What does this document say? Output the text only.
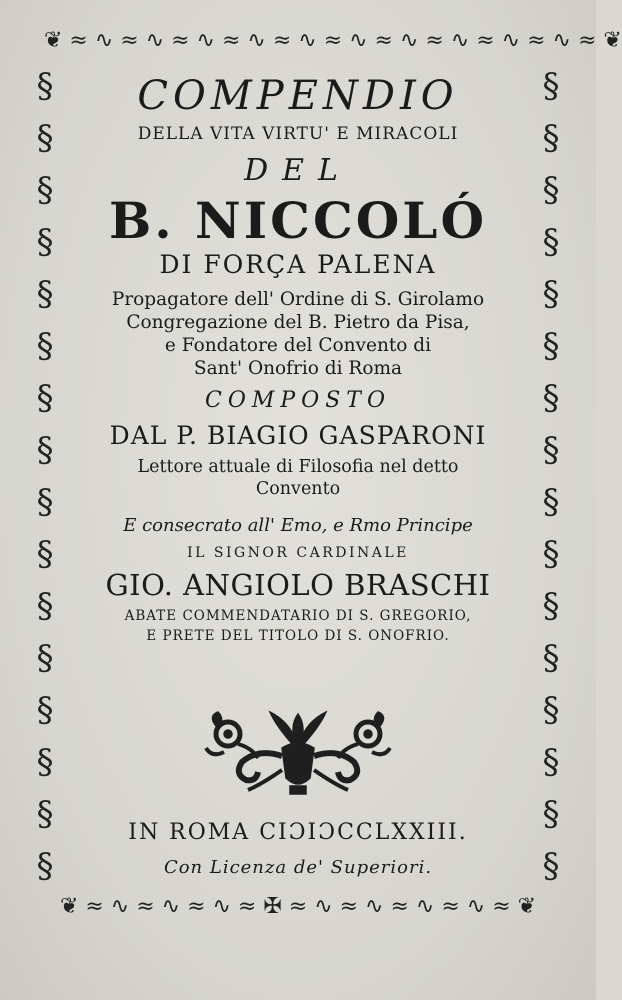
❦ ≈ ∿ ≈ ∿ ≈ ∿ ≈ ∿ ≈ ∿ ≈ ∿ ≈ ∿ ≈ ∿ ≈ ∿ ≈ ∿ ≈ ❦
❦ ≈ ∿ ≈ ∿ ≈ ∿ ≈ ✠ ≈ ∿ ≈ ∿ ≈ ∿ ≈ ∿ ≈ ❦
§ § § § § § § § § § § § § § § §
§ § § § § § § § § § § § § § § §
COMPENDIO
DELLA VITA VIRTU' E MIRACOLI
DEL
B. NICCOLÓ
DI FORÇA PALENA
Propagatore dell' Ordine di S. Girolamo
Congregazione del B. Pietro da Pisa,
e Fondatore del Convento di
Sant' Onofrio di Roma
COMPOSTO
DAL P. BIAGIO GASPARONI
Lettore attuale di Filosofia nel detto
Convento
E consecrato all' Emo, e Rmo Principe
IL SIGNOR CARDINALE
GIO. ANGIOLO BRASCHI
ABATE COMMENDATARIO DI S. GREGORIO,
E PRETE DEL TITOLO DI S. ONOFRIO.
IN ROMA CIƆIƆCCLXXIII.
Con Licenza de' Superiori.
